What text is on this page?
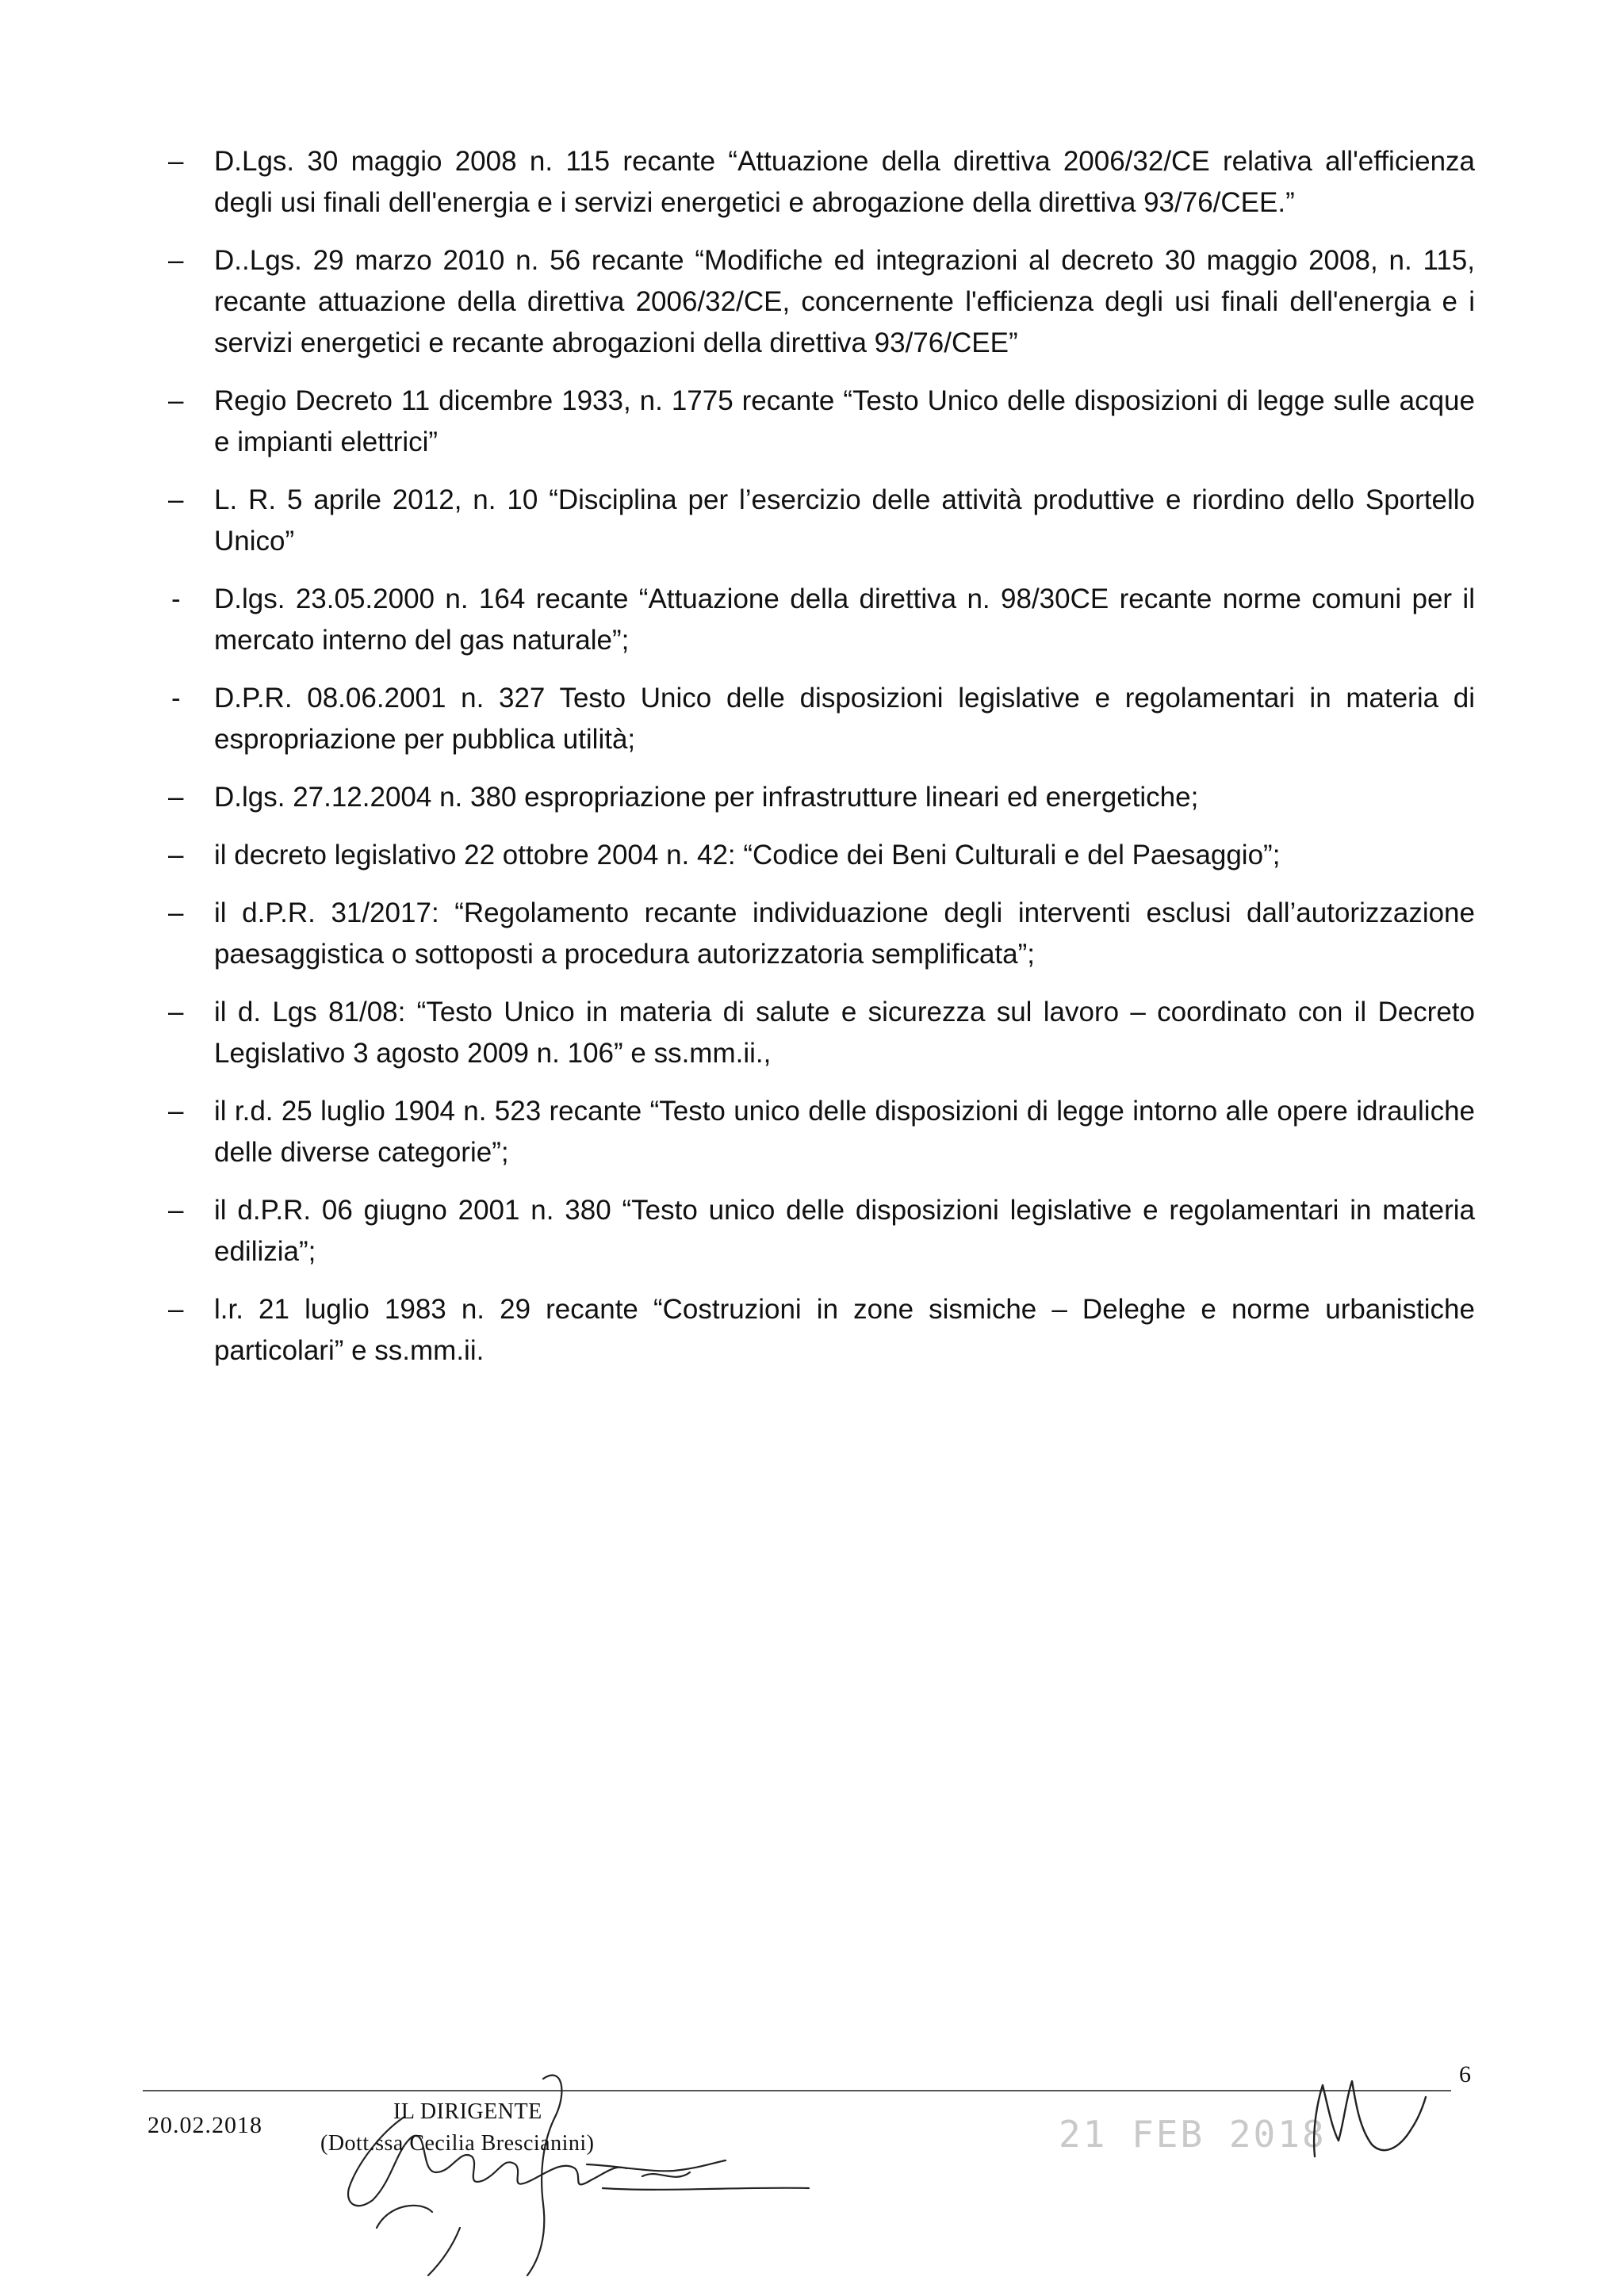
–	D.Lgs. 30 maggio 2008 n. 115 recante “Attuazione della direttiva 2006/32/CE relativa all'efficienza degli usi finali dell'energia e i servizi energetici e abrogazione della direttiva 93/76/CEE.”
–	D..Lgs. 29 marzo 2010 n. 56 recante “Modifiche ed integrazioni al decreto 30 maggio 2008, n. 115, recante attuazione della direttiva 2006/32/CE, concernente l'efficienza degli usi finali dell'energia e i servizi energetici e recante abrogazioni della direttiva 93/76/CEE”
–	Regio Decreto 11 dicembre 1933, n. 1775 recante “Testo Unico delle disposizioni di legge sulle acque e impianti elettrici”
–	L. R. 5 aprile 2012, n. 10 “Disciplina per l’esercizio delle attività produttive e riordino dello Sportello Unico”
-	D.lgs. 23.05.2000 n. 164 recante “Attuazione della direttiva n. 98/30CE recante norme comuni per il mercato interno del gas naturale”;
-	D.P.R. 08.06.2001 n. 327 Testo Unico delle disposizioni legislative e regolamentari in materia di espropriazione per pubblica utilità;
–	D.lgs. 27.12.2004 n. 380 espropriazione per infrastrutture lineari ed energetiche;
–	il decreto legislativo 22 ottobre 2004 n. 42: “Codice dei Beni Culturali e del Paesaggio”;
–	il d.P.R. 31/2017: “Regolamento recante individuazione degli interventi esclusi dall’autorizzazione paesaggistica o sottoposti a procedura autorizzatoria semplificata”;
–	il d. Lgs 81/08: “Testo Unico in materia di salute e sicurezza sul lavoro – coordinato con il Decreto Legislativo 3 agosto 2009 n. 106” e ss.mm.ii.,
–	il r.d. 25 luglio 1904 n. 523 recante “Testo unico delle disposizioni di legge intorno alle opere idrauliche delle diverse categorie”;
–	il d.P.R. 06 giugno 2001 n. 380 “Testo unico delle disposizioni legislative e regolamentari in materia edilizia”;
–	l.r. 21 luglio 1983 n. 29 recante “Costruzioni in zone sismiche – Deleghe e norme urbanistiche particolari” e ss.mm.ii.
6
20.02.2018
IL DIRIGENTE
(Dott.ssa Cecilia Brescianini)	21 FEB 2018
